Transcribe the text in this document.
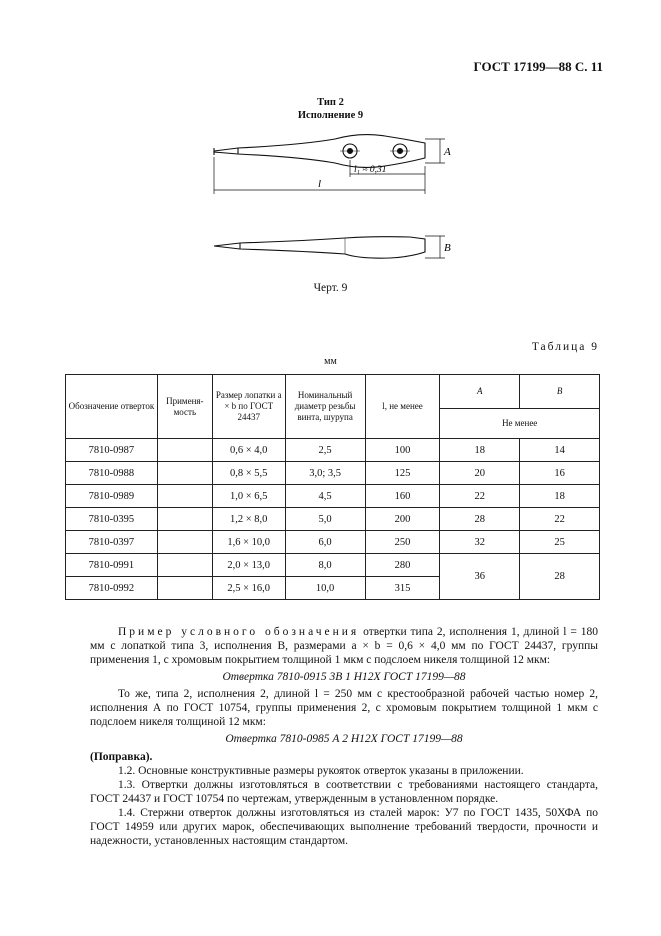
ГОСТ 17199—88 С. 11
Тип 2
Исполнение 9
A
l
l₁ ≈ 0,31
B
Черт. 9
Таблица 9
мм
Обозначение отверток	Применя-мость	Размер лопатки a × b по ГОСТ 24437	Номинальный диаметр резьбы винта, шурупа	l, не менее	A	B
					Не менее	
7810-0987		0,6 × 4,0	2,5	100	18	14
7810-0988		0,8 × 5,5	3,0; 3,5	125	20	16
7810-0989		1,0 × 6,5	4,5	160	22	18
7810-0395		1,2 × 8,0	5,0	200	28	22
7810-0397		1,6 × 10,0	6,0	250	32	25
7810-0991		2,0 × 13,0	8,0	280	36	28
7810-0992		2,5 × 16,0	10,0	315		

Пример условного обозначения отвертки типа 2, исполнения 1, длиной l = 180 мм с лопаткой типа 3, исполнения В, размерами a × b = 0,6 × 4,0 мм по ГОСТ 24437, группы применения 1, с хромовым покрытием толщиной 1 мкм с подслоем никеля толщиной 12 мкм:

Отвертка 7810-0915 3В 1 Н12Х ГОСТ 17199—88

То же, типа 2, исполнения 2, длиной l = 250 мм с крестообразной рабочей частью номер 2, исполнения А по ГОСТ 10754, группы применения 2, с хромовым покрытием толщиной 1 мкм с подслоем никеля толщиной 12 мкм:

Отвертка 7810-0985 А 2 Н12Х ГОСТ 17199—88

(Поправка).

1.2. Основные конструктивные размеры рукояток отверток указаны в приложении.

1.3. Отвертки должны изготовляться в соответствии с требованиями настоящего стандарта, ГОСТ 24437 и ГОСТ 10754 по чертежам, утвержденным в установленном порядке.

1.4. Стержни отверток должны изготовляться из сталей марок: У7 по ГОСТ 1435, 50ХФА по ГОСТ 14959 или других марок, обеспечивающих выполнение требований твердости, прочности и надежности, установленных настоящим стандартом.
